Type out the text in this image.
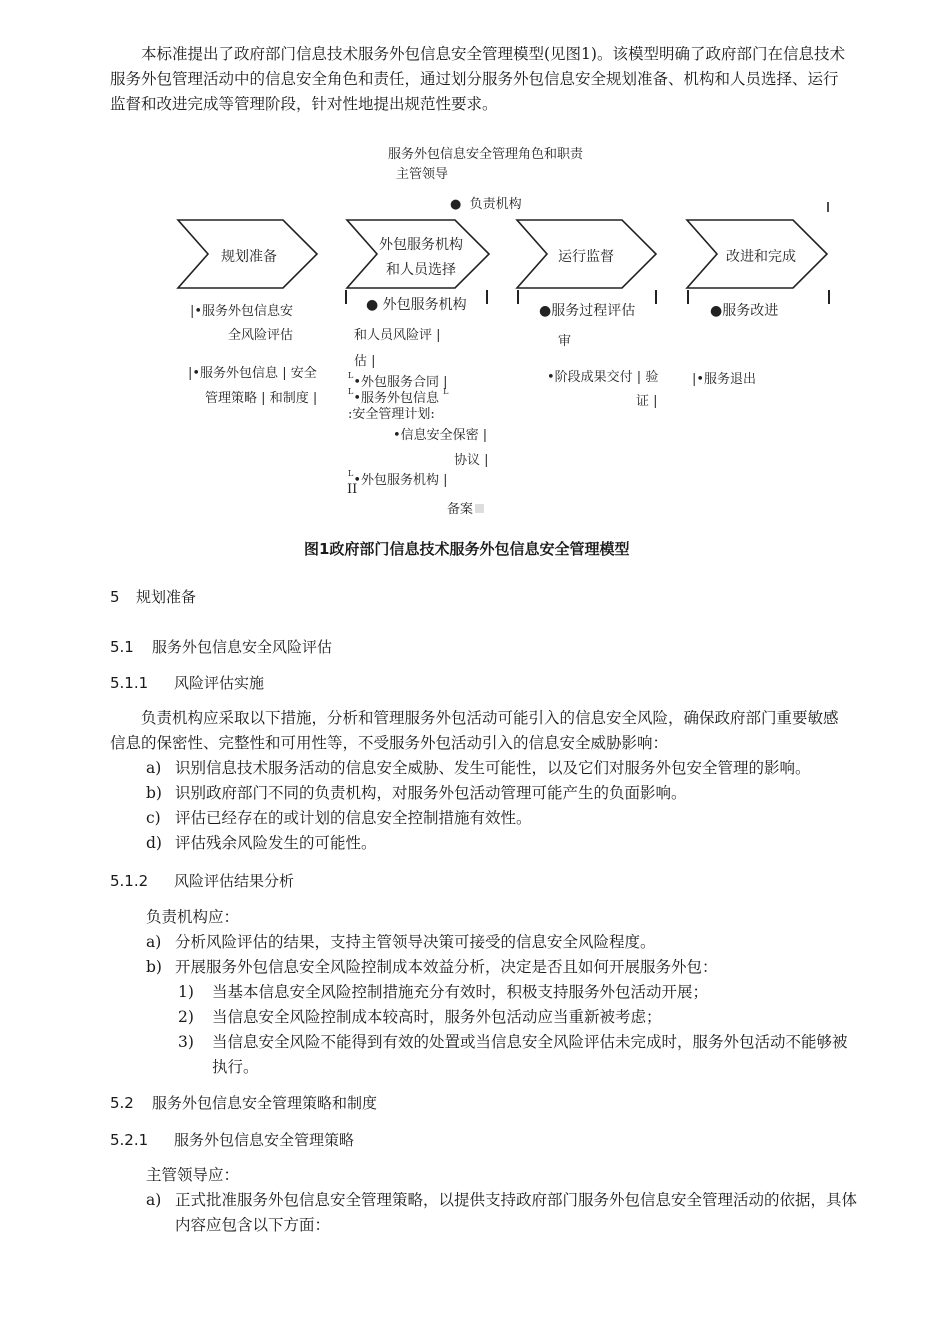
本标准提出了政府部门信息技术服务外包信息安全管理模型(见图1)。该模型明确了政府部门在信息技术服务外包管理活动中的信息安全角色和责任，通过划分服务外包信息安全规划准备、机构和人员选择、运行监督和改进完成等管理阶段，针对性地提出规范性要求。
服务外包信息安全管理角色和职责
主管领导
● 负责机构
规划准备
外包服务机构
和人员选择
运行监督	改进和完成
|•服务外包信息安
全风险评估
|•服务外包信息 | 安全
管理策略 | 和制度 |
● 外包服务机构
和人员风险评 |
估 |
$^L$•外包服务合同 |
$^L$•服务外包信息 $^L$
:安全管理计划:
•信息安全保密 |
协议 |
$^L$•外包服务机构 |
II
备案
●服务过程评估
审
•阶段成果交付 | 验
证 |
●服务改进
|•服务退出
图1政府部门信息技术服务外包信息安全管理模型
5 规划准备
5.1 服务外包信息安全风险评估
5.1.1 风险评估实施
负责机构应采取以下措施，分析和管理服务外包活动可能引入的信息安全风险，确保政府部门重要敏感信息的保密性、完整性和可用性等，不受服务外包活动引入的信息安全威胁影响：
a) 识别信息技术服务活动的信息安全威胁、发生可能性，以及它们对服务外包安全管理的影响。
b) 识别政府部门不同的负责机构，对服务外包活动管理可能产生的负面影响。
c) 评估已经存在的或计划的信息安全控制措施有效性。
d) 评估残余风险发生的可能性。
5.1.2 风险评估结果分析
负责机构应：
a) 分析风险评估的结果，支持主管领导决策可接受的信息安全风险程度。
b) 开展服务外包信息安全风险控制成本效益分析，决定是否且如何开展服务外包：
1) 当基本信息安全风险控制措施充分有效时，积极支持服务外包活动开展；
2) 当信息安全风险控制成本较高时，服务外包活动应当重新被考虑；
3) 当信息安全风险不能得到有效的处置或当信息安全风险评估未完成时，服务外包活动不能够被执行。
5.2 服务外包信息安全管理策略和制度
5.2.1 服务外包信息安全管理策略
主管领导应：
a) 正式批准服务外包信息安全管理策略，以提供支持政府部门服务外包信息安全管理活动的依据，具体内容应包含以下方面：
